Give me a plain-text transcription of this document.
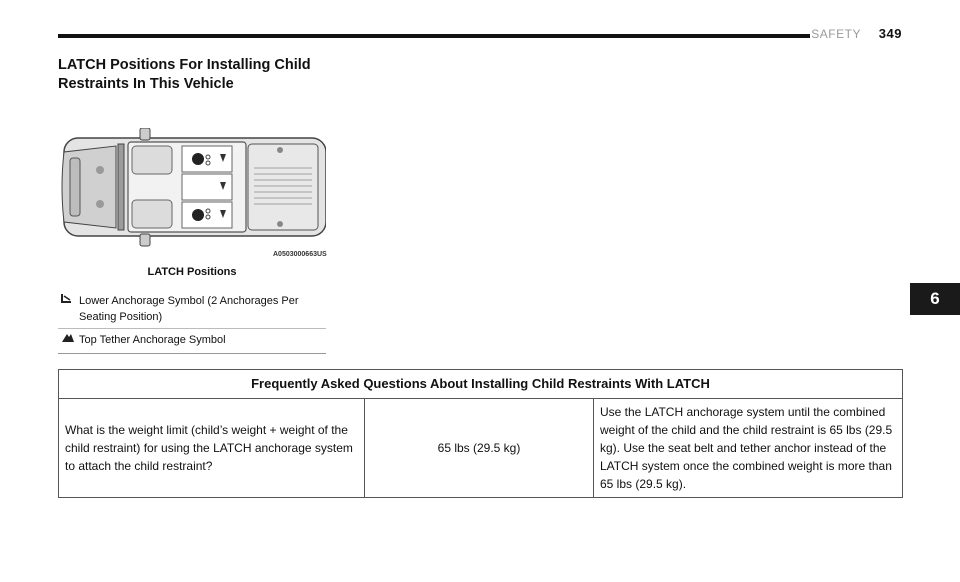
SAFETY 349
6
LATCH Positions For Installing Child Restraints In This Vehicle
A0503000663US
LATCH Positions
Lower Anchorage Symbol (2 Anchorages Per Seating Position)
Top Tether Anchorage Symbol
Frequently Asked Questions About Installing Child Restraints With LATCH
What is the weight limit (child’s weight + weight of the child restraint) for using the LATCH anchorage system to attach the child restraint?	65 lbs (29.5 kg)	Use the LATCH anchorage system until the combined weight of the child and the child restraint is 65 lbs (29.5 kg). Use the seat belt and tether anchor instead of the LATCH system once the combined weight is more than 65 lbs (29.5 kg).
